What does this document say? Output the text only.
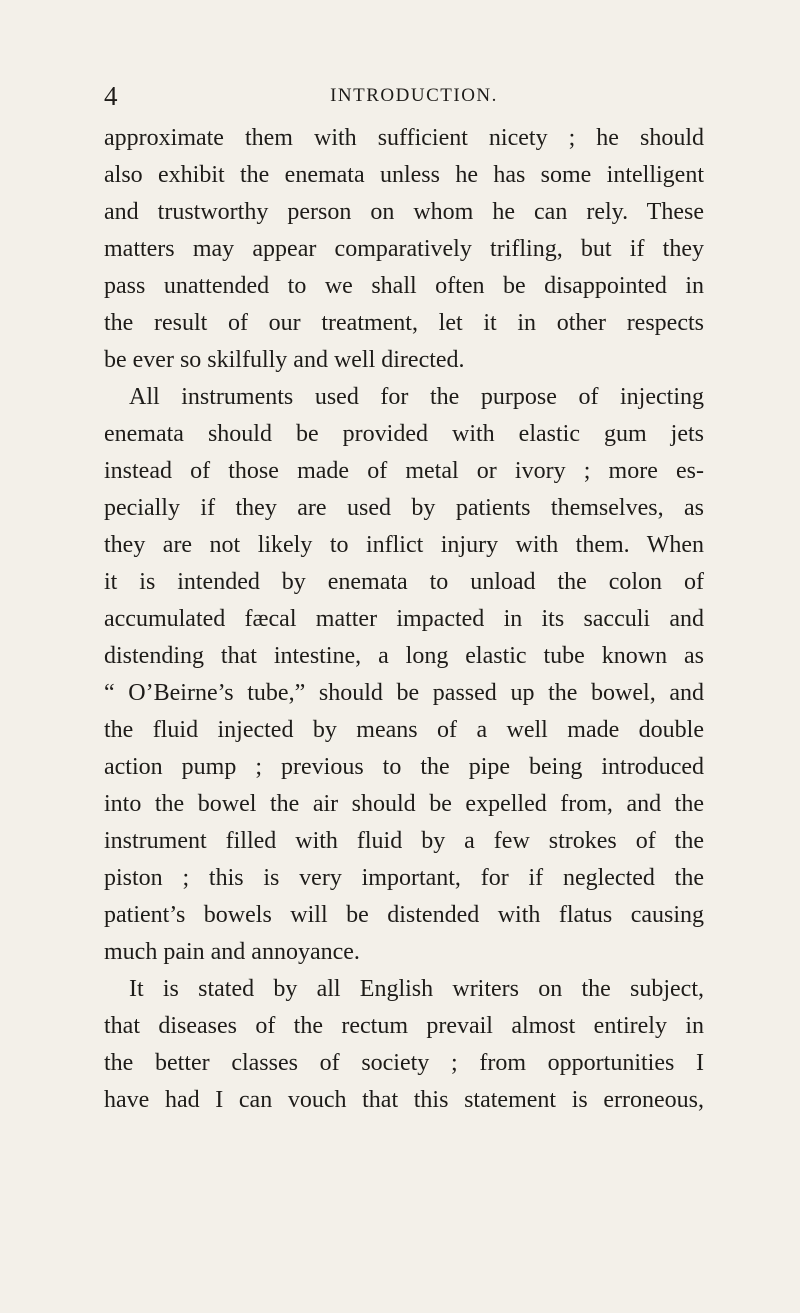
4	INTRODUCTION.
approximate them with sufficient nicety ; he should
also exhibit the enemata unless he has some intelligent
and trustworthy person on whom he can rely. These
matters may appear comparatively trifling, but if they
pass unattended to we shall often be disappointed in
the result of our treatment, let it in other respects
be ever so skilfully and well directed.
All instruments used for the purpose of injecting
enemata should be provided with elastic gum jets
instead of those made of metal or ivory ; more es-
pecially if they are used by patients themselves, as
they are not likely to inflict injury with them. When
it is intended by enemata to unload the colon of
accumulated fæcal matter impacted in its sacculi and
distending that intestine, a long elastic tube known as
“ O’Beirne’s tube,” should be passed up the bowel, and
the fluid injected by means of a well made double
action pump ; previous to the pipe being introduced
into the bowel the air should be expelled from, and the
instrument filled with fluid by a few strokes of the
piston ; this is very important, for if neglected the
patient’s bowels will be distended with flatus causing
much pain and annoyance.
It is stated by all English writers on the subject,
that diseases of the rectum prevail almost entirely in
the better classes of society ; from opportunities I
have had I can vouch that this statement is erroneous,
